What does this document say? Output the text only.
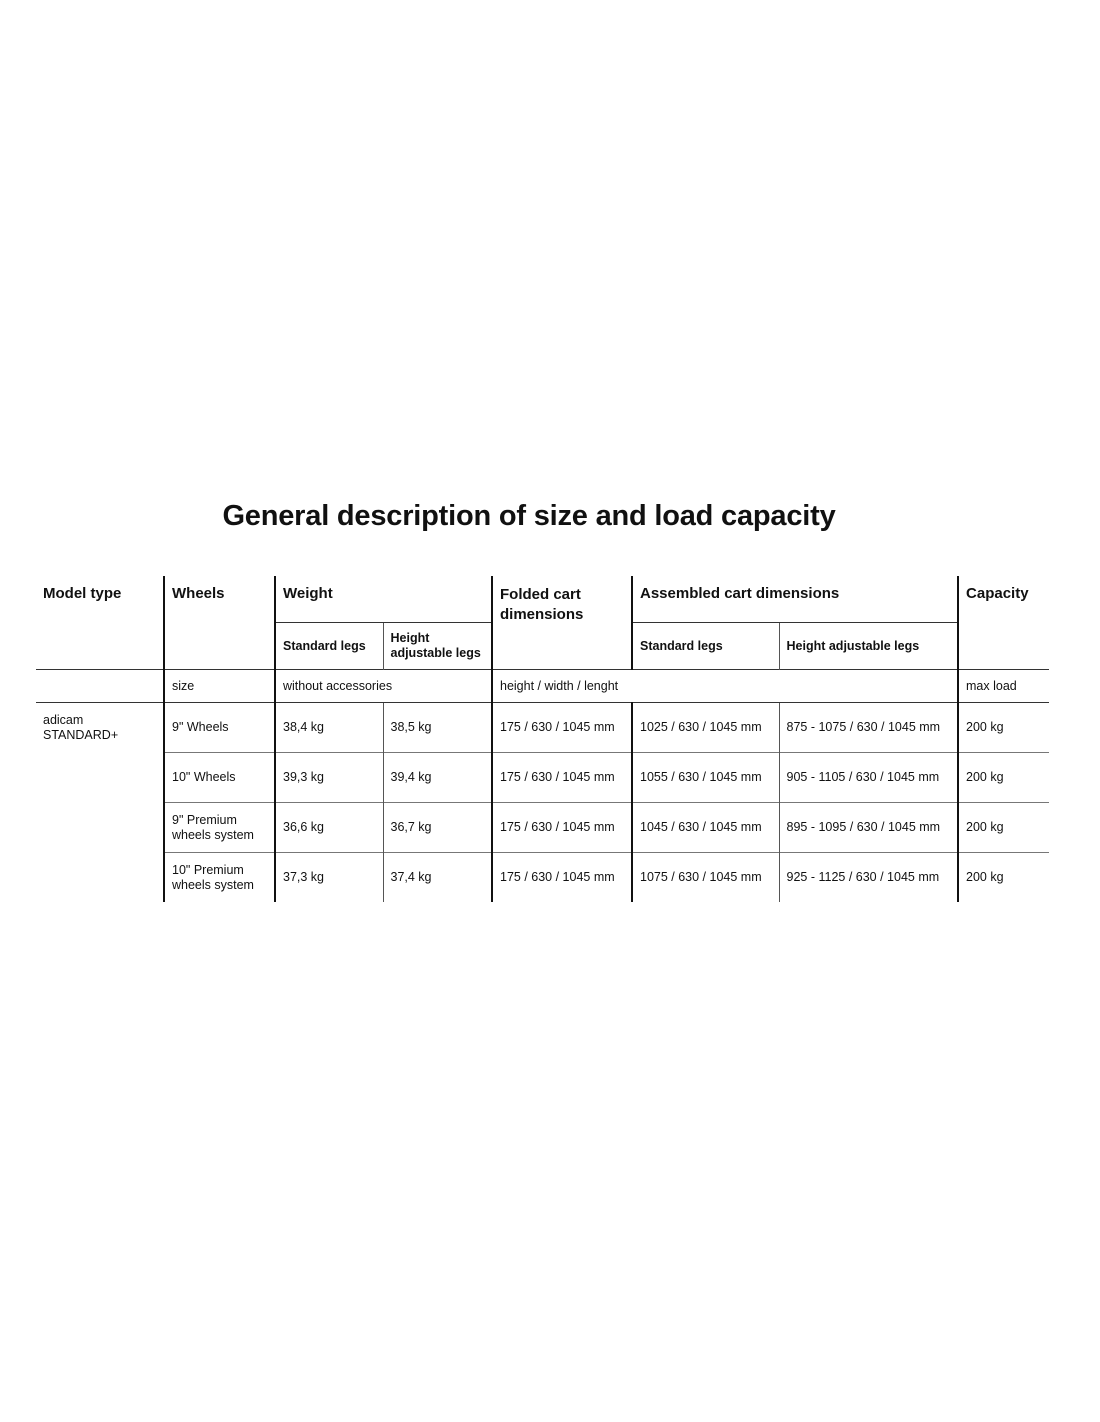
General description of size and load capacity
Model type	Wheels	Weight		Folded cart dimensions	Assembled cart dimensions		Capacity
		Standard legs	Height adjustable legs		Standard legs	Height adjustable legs	
	size	without accessories		height / width / lenght			max load
adicam STANDARD+	9" Wheels	38,4 kg	38,5 kg	175 / 630 / 1045 mm	1025 / 630 / 1045 mm	875 - 1075 / 630 / 1045 mm	200 kg
	10" Wheels	39,3 kg	39,4 kg	175 / 630 / 1045 mm	1055 / 630 / 1045 mm	905 - 1105 / 630 / 1045 mm	200 kg
	9" Premium wheels system	36,6 kg	36,7 kg	175 / 630 / 1045 mm	1045 / 630 / 1045 mm	895 - 1095 / 630 / 1045 mm	200 kg
	10" Premium wheels system	37,3 kg	37,4 kg	175 / 630 / 1045 mm	1075 / 630 / 1045 mm	925 - 1125 / 630 / 1045 mm	200 kg
